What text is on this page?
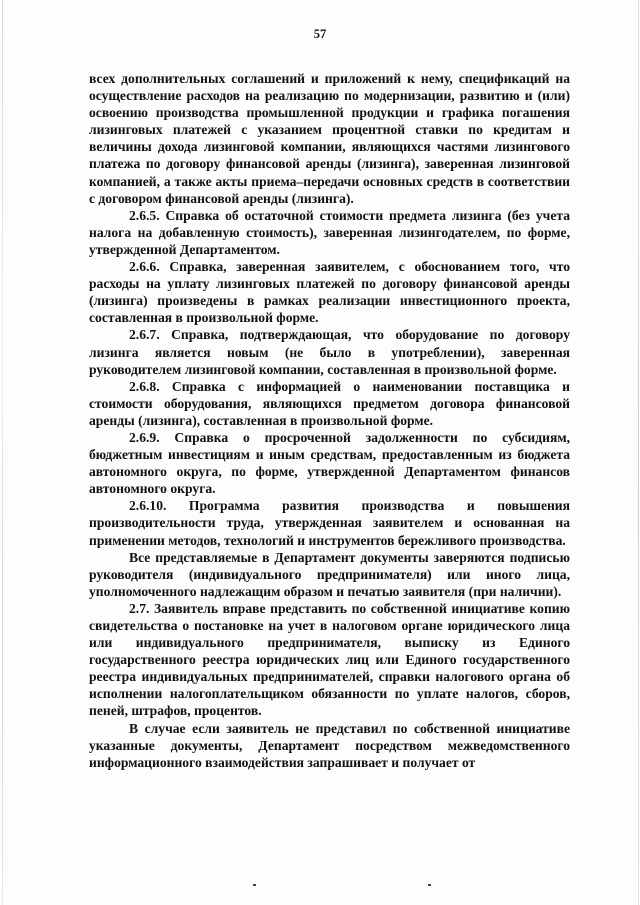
57

всех дополнительных соглашений и приложений к нему, спецификаций на осуществление расходов на реализацию по модернизации, развитию и (или) освоению производства промышленной продукции и графика погашения лизинговых платежей с указанием процентной ставки по кредитам и величины дохода лизинговой компании, являющихся частями лизингового платежа по договору финансовой аренды (лизинга), заверенная лизинговой компанией, а также акты приема–передачи основных средств в соответствии с договором финансовой аренды (лизинга).

2.6.5. Справка об остаточной стоимости предмета лизинга (без учета налога на добавленную стоимость), заверенная лизингодателем, по форме, утвержденной Департаментом.

2.6.6. Справка, заверенная заявителем, с обоснованием того, что расходы на уплату лизинговых платежей по договору финансовой аренды (лизинга) произведены в рамках реализации инвестиционного проекта, составленная в произвольной форме.

2.6.7. Справка, подтверждающая, что оборудование по договору лизинга является новым (не было в употреблении), заверенная руководителем лизинговой компании, составленная в произвольной форме.

2.6.8. Справка с информацией о наименовании поставщика и стоимости оборудования, являющихся предметом договора финансовой аренды (лизинга), составленная в произвольной форме.

2.6.9. Справка о просроченной задолженности по субсидиям, бюджетным инвестициям и иным средствам, предоставленным из бюджета автономного округа, по форме, утвержденной Департаментом финансов автономного округа.

2.6.10. Программа развития производства и повышения производительности труда, утвержденная заявителем и основанная на применении методов, технологий и инструментов бережливого производства.

Все представляемые в Департамент документы заверяются подписью руководителя (индивидуального предпринимателя) или иного лица, уполномоченного надлежащим образом и печатью заявителя (при наличии).

2.7. Заявитель вправе представить по собственной инициативе копию свидетельства о постановке на учет в налоговом органе юридического лица или индивидуального предпринимателя, выписку из Единого государственного реестра юридических лиц или Единого государственного реестра индивидуальных предпринимателей, справки налогового органа об исполнении налогоплательщиком обязанности по уплате налогов, сборов, пеней, штрафов, процентов.

В случае если заявитель не представил по собственной инициативе указанные документы, Департамент посредством межведомственного информационного взаимодействия запрашивает и получает от
